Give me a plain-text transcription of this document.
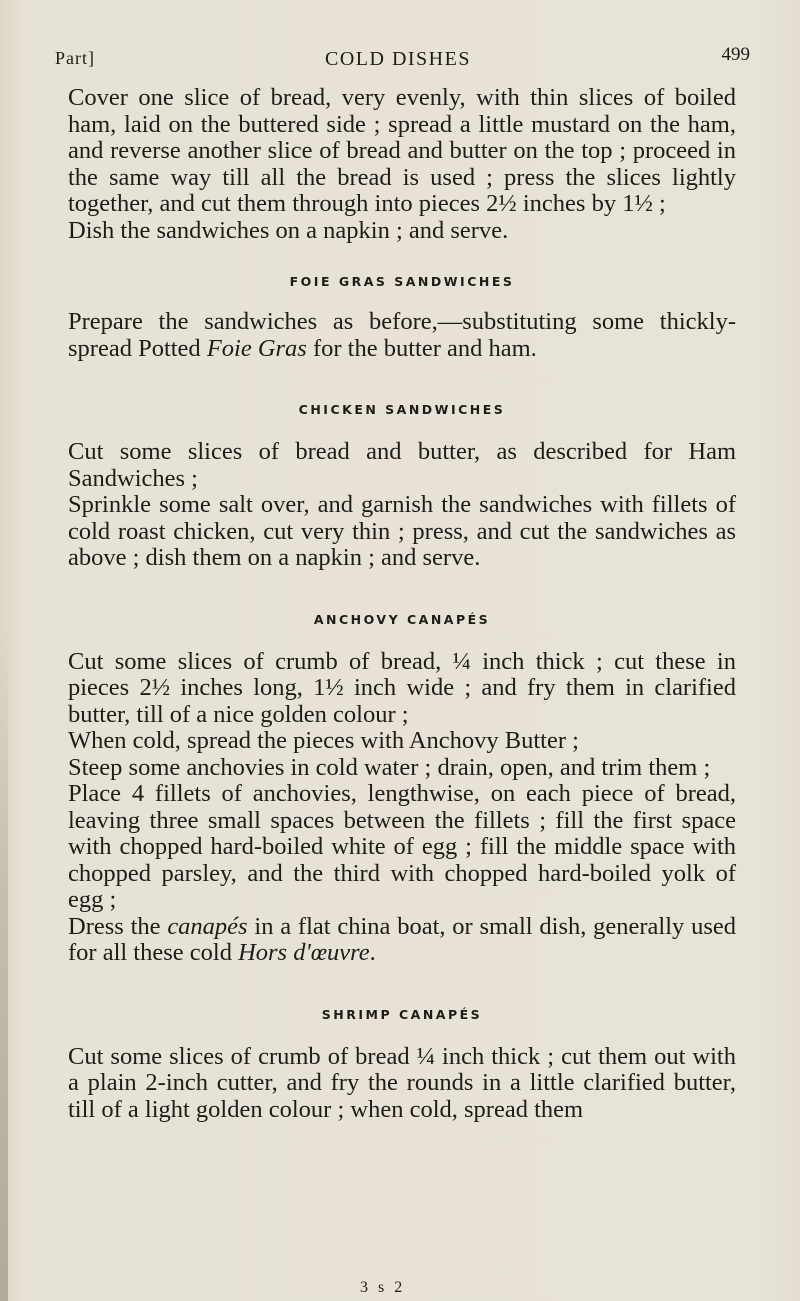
Part]	COLD DISHES	499

Cover one slice of bread, very evenly, with thin slices of boiled ham, laid on the buttered side ; spread a little mustard on the ham, and reverse another slice of bread and butter on the top ; proceed in the same way till all the bread is used ; press the slices lightly together, and cut them through into pieces 2½ inches by 1½ ;

Dish the sandwiches on a napkin ; and serve.

FOIE GRAS SANDWICHES

Prepare the sandwiches as before,—substituting some thickly-spread Potted Foie Gras for the butter and ham.

CHICKEN SANDWICHES

Cut some slices of bread and butter, as described for Ham Sandwiches ;

Sprinkle some salt over, and garnish the sandwiches with fillets of cold roast chicken, cut very thin ; press, and cut the sandwiches as above ; dish them on a napkin ; and serve.

ANCHOVY CANAPÉS

Cut some slices of crumb of bread, ¼ inch thick ; cut these in pieces 2½ inches long, 1½ inch wide ; and fry them in clarified butter, till of a nice golden colour ;

When cold, spread the pieces with Anchovy Butter ;

Steep some anchovies in cold water ; drain, open, and trim them ;

Place 4 fillets of anchovies, lengthwise, on each piece of bread, leaving three small spaces between the fillets ; fill the first space with chopped hard-boiled white of egg ; fill the middle space with chopped parsley, and the third with chopped hard-boiled yolk of egg ;

Dress the canapés in a flat china boat, or small dish, generally used for all these cold Hors d'œuvre.

SHRIMP CANAPÉS

Cut some slices of crumb of bread ¼ inch thick ; cut them out with a plain 2-inch cutter, and fry the rounds in a little clarified butter, till of a light golden colour ; when cold, spread them

3 s 2
